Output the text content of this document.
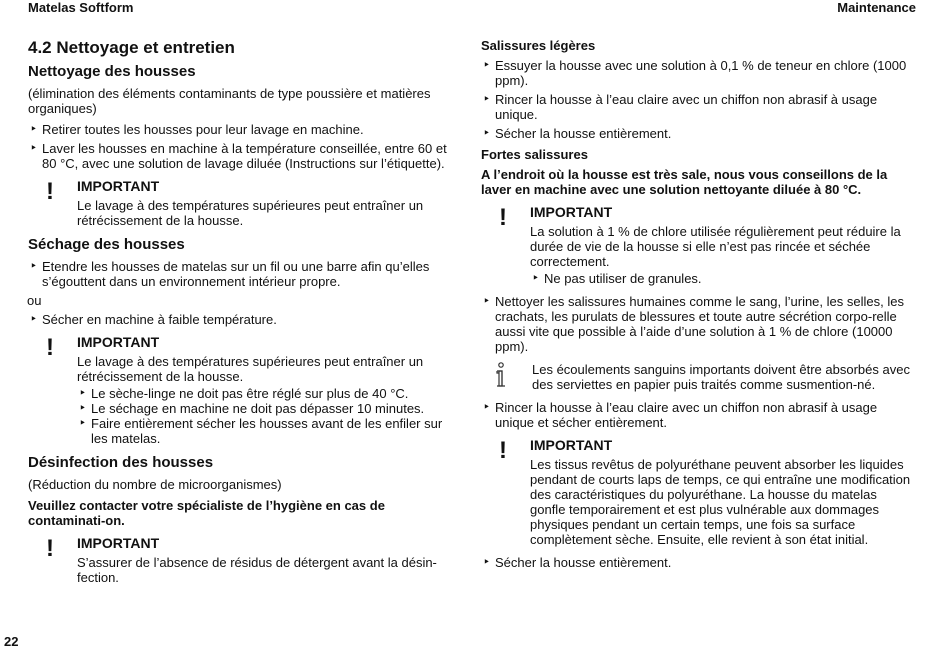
Matelas Softform	Maintenance
4.2 Nettoyage et entretien
Nettoyage des housses

(élimination des éléments contaminants de type poussière et matières organiques)

‣ Retirer toutes les housses pour leur lavage en machine.
‣ Laver les housses en machine à la température conseillée, entre 60 et 80 °C, avec une solution de lavage diluée (Instructions sur l’étiquette).
! IMPORTANT

Le lavage à des températures supérieures peut entraîner un rétrécissement de la housse.

Séchage des housses
‣ Etendre les housses de matelas sur un fil ou une barre afin qu’elles s’égouttent dans un environnement intérieur propre.

ou

‣ Sécher en machine à faible température.
! IMPORTANT

Le lavage à des températures supérieures peut entraîner un rétrécissement de la housse.

‣ Le sèche-linge ne doit pas être réglé sur plus de 40 °C.
‣ Le séchage en machine ne doit pas dépasser 10 minutes.
‣ Faire entièrement sécher les housses avant de les enfiler sur les matelas.
Désinfection des housses

(Réduction du nombre de microorganismes)

Veuillez contacter votre spécialiste de l’hygiène en cas de contaminati-on.

! IMPORTANT

S’assurer de l’absence de résidus de détergent avant la désin-fection.

Salissures légères
‣ Essuyer la housse avec une solution à 0,1 % de teneur en chlore (1000 ppm).
‣ Rincer la housse à l’eau claire avec un chiffon non abrasif à usage unique.
‣ Sécher la housse entièrement.
Fortes salissures

A l’endroit où la housse est très sale, nous vous conseillons de la laver en machine avec une solution nettoyante diluée à 80 °C.

! IMPORTANT

La solution à 1 % de chlore utilisée régulièrement peut réduire la durée de vie de la housse si elle n’est pas rincée et séchée correctement.

‣ Ne pas utiliser de granules.
‣ Nettoyer les salissures humaines comme le sang, l’urine, les selles, les crachats, les purulats de blessures et toute autre sécrétion corpo-relle aussi vite que possible à l’aide d’une solution à 1 % de chlore (10000 ppm).

Les écoulements sanguins importants doivent être absorbés avec des serviettes en papier puis traités comme susmention-né.

‣ Rincer la housse à l’eau claire avec un chiffon non abrasif à usage unique et sécher entièrement.
! IMPORTANT

Les tissus revêtus de polyuréthane peuvent absorber les liquides pendant de courts laps de temps, ce qui entraîne une modification des caractéristiques du polyuréthane. La housse du matelas gonfle temporairement et est plus vulnérable aux dommages physiques pendant un certain temps, une fois sa surface complètement sèche. Ensuite, elle revient à son état initial.

‣ Sécher la housse entièrement.
22
